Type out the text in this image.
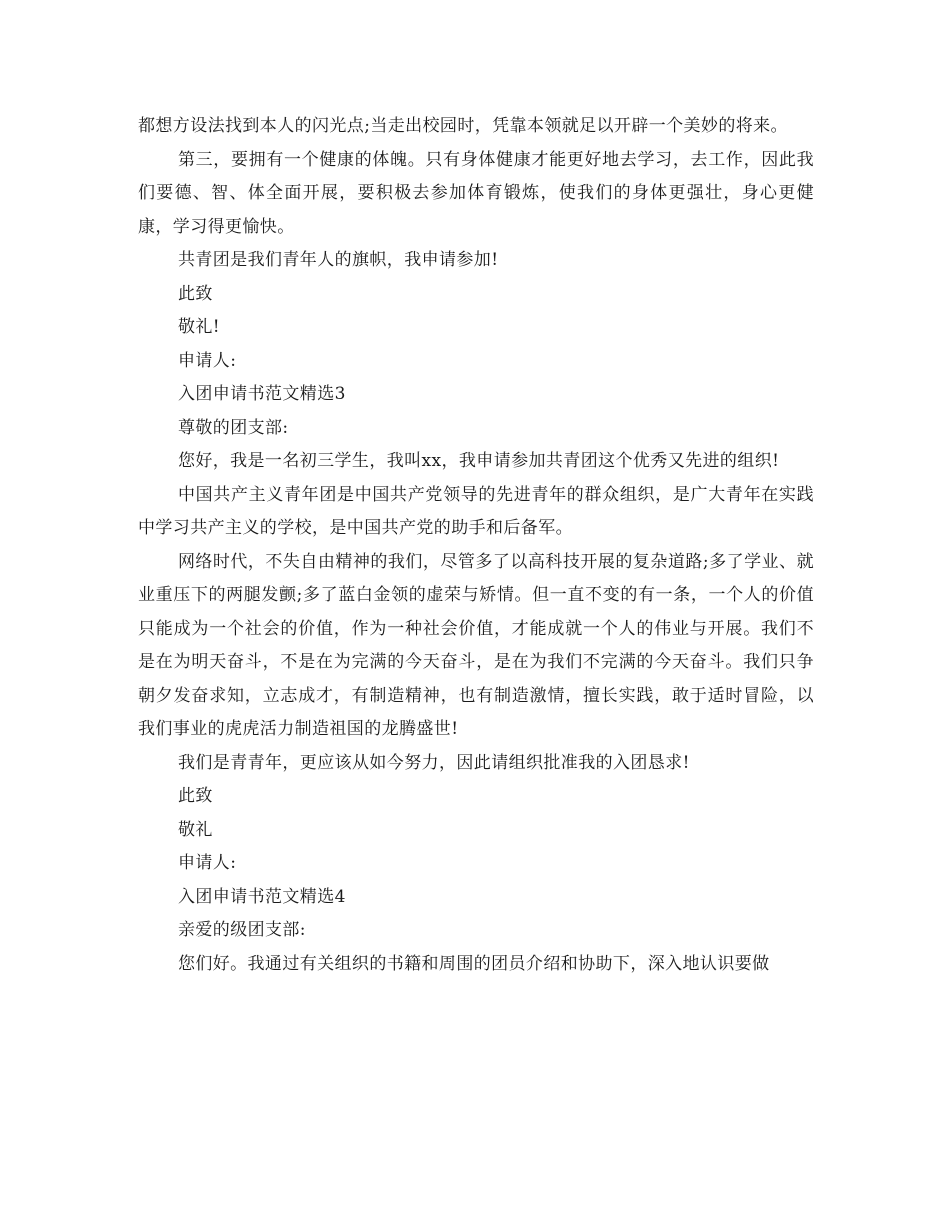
都想方设法找到本人的闪光点;当走出校园时，凭靠本领就足以开辟一个美妙的将来。

第三，要拥有一个健康的体魄。只有身体健康才能更好地去学习，去工作，因此我们要德、智、体全面开展，要积极去参加体育锻炼，使我们的身体更强壮，身心更健康，学习得更愉快。

共青团是我们青年人的旗帜，我申请参加!

此致

敬礼!

申请人:

入团申请书范文精选3

尊敬的团支部:

您好，我是一名初三学生，我叫xx，我申请参加共青团这个优秀又先进的组织!

中国共产主义青年团是中国共产党领导的先进青年的群众组织，是广大青年在实践中学习共产主义的学校，是中国共产党的助手和后备军。

网络时代，不失自由精神的我们，尽管多了以高科技开展的复杂道路;多了学业、就业重压下的两腿发颤;多了蓝白金领的虚荣与矫情。但一直不变的有一条，一个人的价值只能成为一个社会的价值，作为一种社会价值，才能成就一个人的伟业与开展。我们不是在为明天奋斗，不是在为完满的今天奋斗，是在为我们不完满的今天奋斗。我们只争朝夕发奋求知，立志成才，有制造精神，也有制造激情，擅长实践，敢于适时冒险，以我们事业的虎虎活力制造祖国的龙腾盛世!

我们是青青年，更应该从如今努力，因此请组织批准我的入团恳求!

此致

敬礼

申请人:

入团申请书范文精选4

亲爱的级团支部:

您们好。我通过有关组织的书籍和周围的团员介绍和协助下，深入地认识要做
